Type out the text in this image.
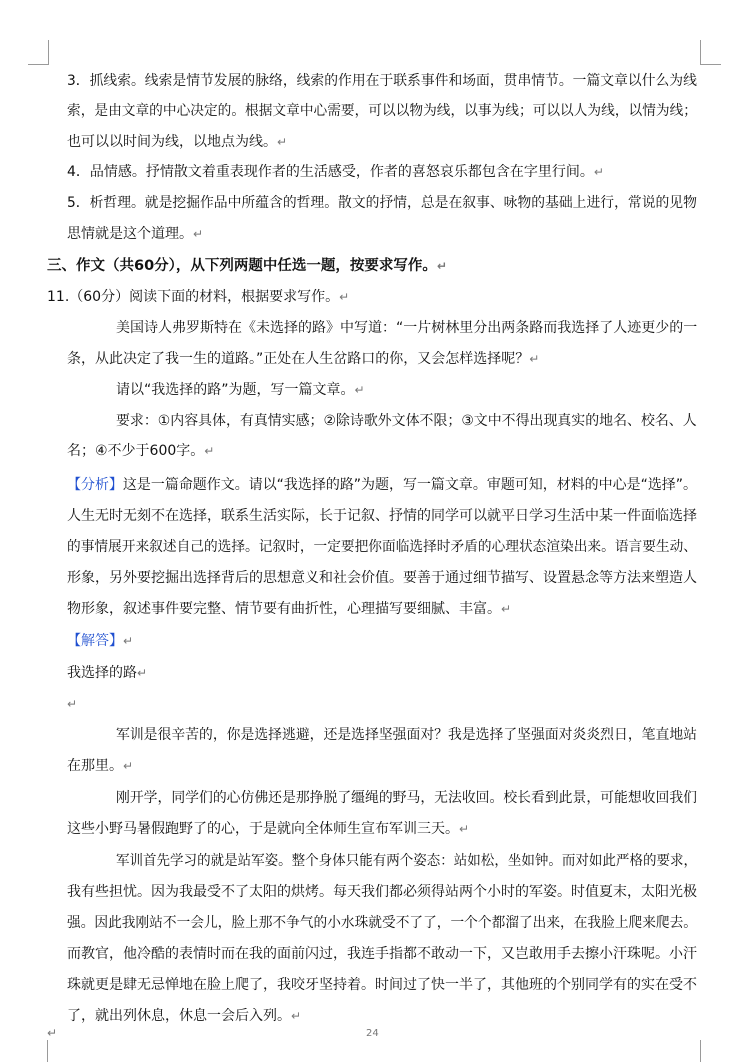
3．抓线索。线索是情节发展的脉络，线索的作用在于联系事件和场面，贯串情节。一篇文章以什么为线
索，是由文章的中心决定的。根据文章中心需要，可以以物为线，以事为线；可以以人为线，以情为线；
也可以以时间为线，以地点为线。↵
4．品情感。抒情散文着重表现作者的生活感受，作者的喜怒哀乐都包含在字里行间。↵
5．析哲理。就是挖掘作品中所蕴含的哲理。散文的抒情，总是在叙事、咏物的基础上进行，常说的见物
思情就是这个道理。↵
三、作文（共60分），从下列两题中任选一题，按要求写作。↵
11.（60分）阅读下面的材料，根据要求写作。↵
美国诗人弗罗斯特在《未选择的路》中写道：“一片树林里分出两条路而我选择了人迹更少的一
条，从此决定了我一生的道路。”正处在人生岔路口的你，又会怎样选择呢？↵
请以“我选择的路”为题，写一篇文章。↵
要求：①内容具体，有真情实感；②除诗歌外文体不限；③文中不得出现真实的地名、校名、人
名；④不少于600字。↵
【分析】这是一篇命题作文。请以“我选择的路”为题，写一篇文章。审题可知，材料的中心是“选择”。
人生无时无刻不在选择，联系生活实际，长于记叙、抒情的同学可以就平日学习生活中某一件面临选择
的事情展开来叙述自己的选择。记叙时，一定要把你面临选择时矛盾的心理状态渲染出来。语言要生动、
形象，另外要挖掘出选择背后的思想意义和社会价值。要善于通过细节描写、设置悬念等方法来塑造人
物形象，叙述事件要完整、情节要有曲折性，心理描写要细腻、丰富。↵
【解答】↵
我选择的路↵
↵
军训是很辛苦的，你是选择逃避，还是选择坚强面对？我是选择了坚强面对炎炎烈日，笔直地站
在那里。↵
刚开学，同学们的心仿佛还是那挣脱了缰绳的野马，无法收回。校长看到此景，可能想收回我们
这些小野马暑假跑野了的心，于是就向全体师生宣布军训三天。↵
军训首先学习的就是站军姿。整个身体只能有两个姿态：站如松，坐如钟。而对如此严格的要求，
我有些担忧。因为我最受不了太阳的烘烤。每天我们都必须得站两个小时的军姿。时值夏末，太阳光极
强。因此我刚站不一会儿，脸上那不争气的小水珠就受不了了，一个个都溜了出来，在我脸上爬来爬去。
而教官，他冷酷的表情时而在我的面前闪过，我连手指都不敢动一下，又岂敢用手去擦小汗珠呢。小汗
珠就更是肆无忌惮地在脸上爬了，我咬牙坚持着。时间过了快一半了，其他班的个别同学有的实在受不
了，就出列休息，休息一会后入列。↵
↵	24
